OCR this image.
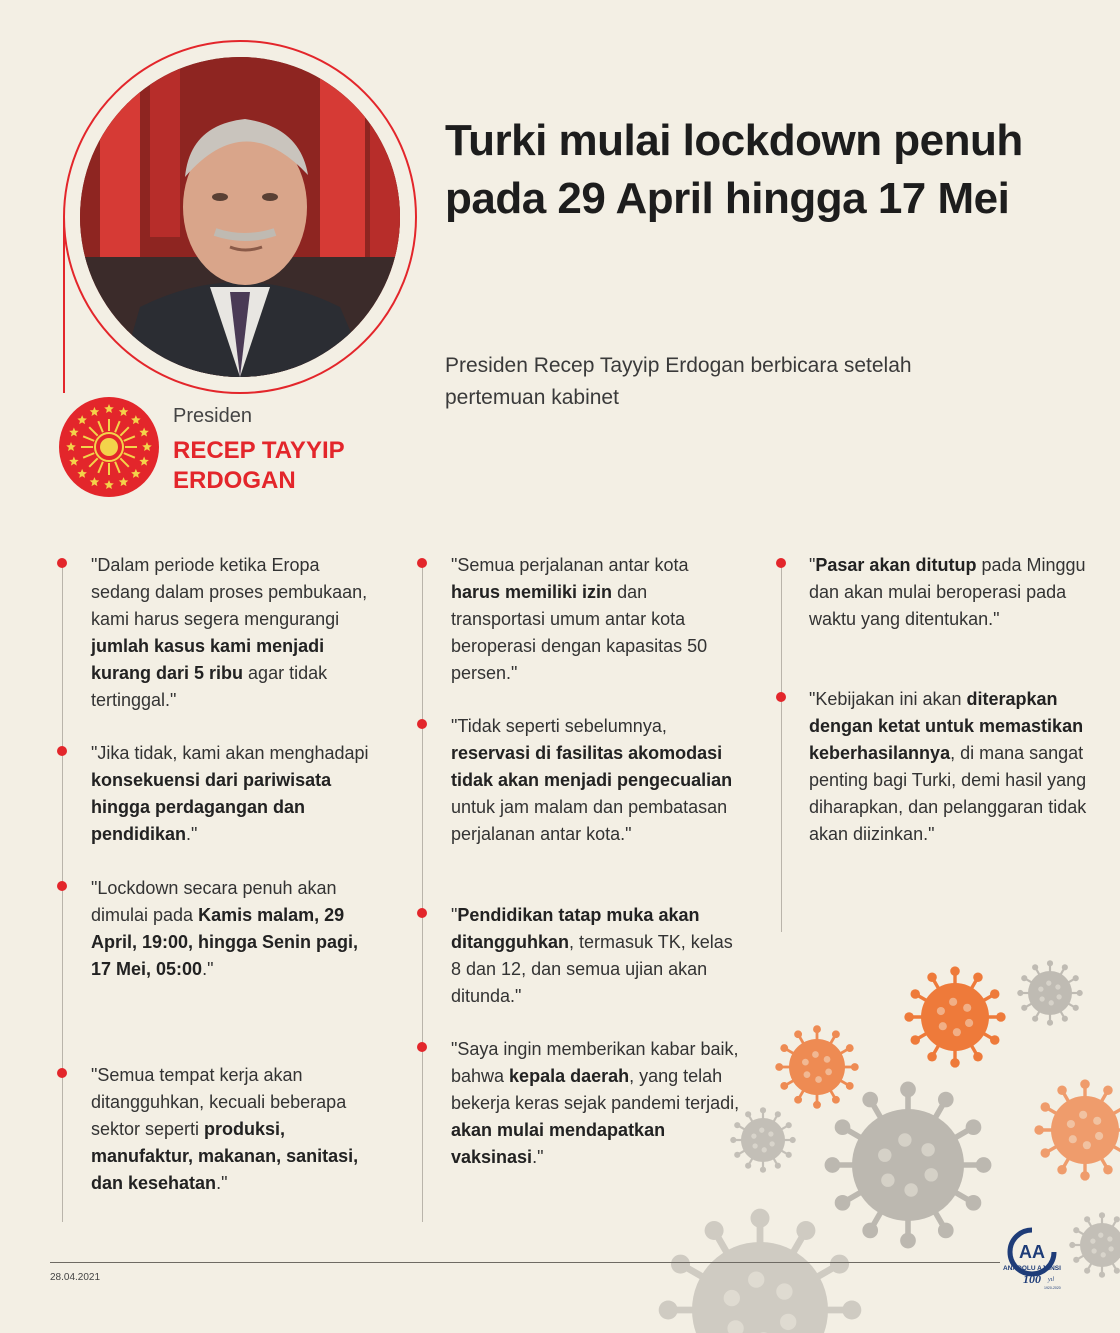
Presiden
RECEP TAYYIP
ERDOGAN
Turki mulai lockdown penuh pada 29 April hingga 17 Mei
Presiden Recep Tayyip Erdogan berbicara setelah pertemuan kabinet
"Dalam periode ketika Eropa sedang dalam proses pembukaan, kami harus segera mengurangi jumlah kasus kami menjadi kurang dari 5 ribu agar tidak tertinggal."
"Jika tidak, kami akan menghadapi konsekuensi dari pariwisata hingga perdagangan dan pendidikan."
"Lockdown secara penuh akan dimulai pada Kamis malam, 29 April, 19:00, hingga Senin pagi, 17 Mei, 05:00."
"Semua tempat kerja akan ditangguhkan, kecuali beberapa sektor seperti produksi, manufaktur, makanan, sanitasi, dan kesehatan."
"Semua perjalanan antar kota harus memiliki izin dan transportasi umum antar kota beroperasi dengan kapasitas 50 persen."
"Tidak seperti sebelumnya, reservasi di fasilitas akomodasi tidak akan menjadi pengecualian untuk jam malam dan pembatasan perjalanan antar kota."
"Pendidikan tatap muka akan ditangguhkan, termasuk TK, kelas 8 dan 12, dan semua ujian akan ditunda."
"Saya ingin memberikan kabar baik, bahwa kepala daerah, yang telah bekerja keras sejak pandemi terjadi, akan mulai mendapatkan vaksinasi."
"Pasar akan ditutup pada Minggu dan akan mulai beroperasi pada waktu yang ditentukan."
"Kebijakan ini akan diterapkan dengan ketat untuk memastikan keberhasilannya, di mana sangat penting bagi Turki, demi hasil yang diharapkan, dan pelanggaran tidak akan diizinkan."
28.04.2021
AA
ANADOLU AJANSI
100 yıl
1920-2020
